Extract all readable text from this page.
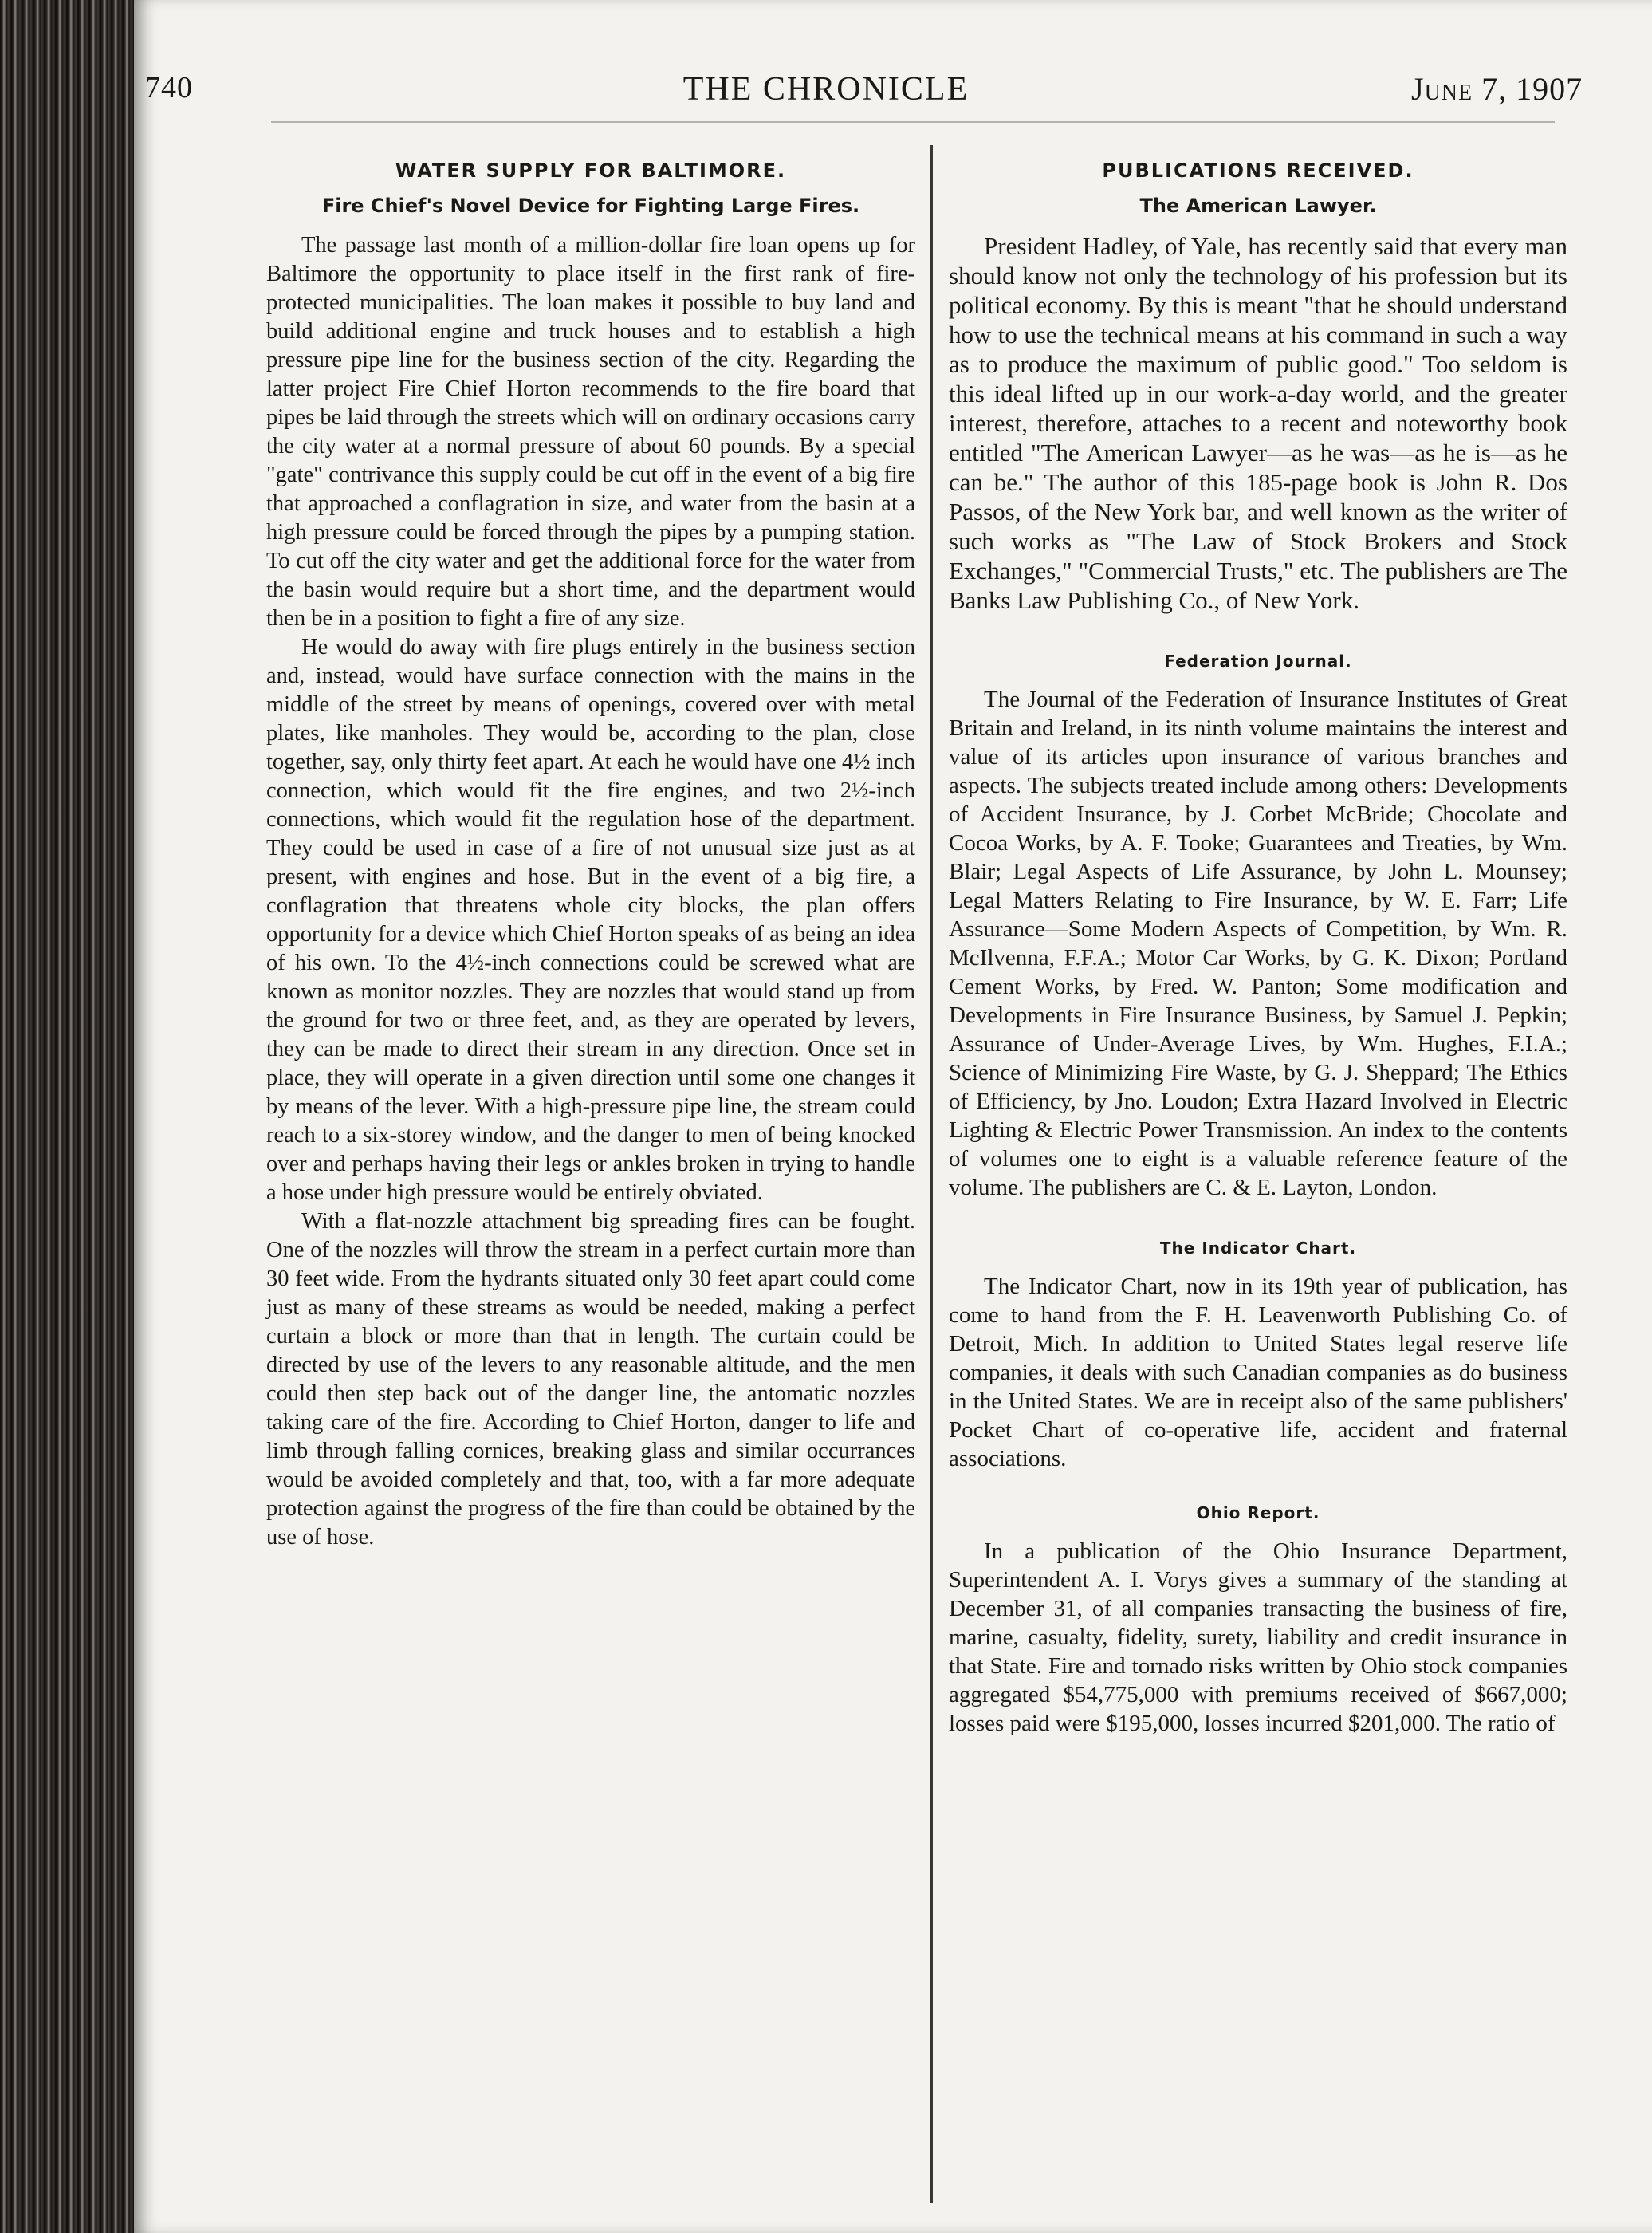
740	THE CHRONICLE	June 7, 1907
WATER SUPPLY FOR BALTIMORE.
Fire Chief's Novel Device for Fighting Large Fires.

The passage last month of a million-dollar fire loan opens up for Baltimore the opportunity to place itself in the first rank of fire-protected municipalities. The loan makes it possible to buy land and build additional engine and truck houses and to establish a high pressure pipe line for the business section of the city. Regarding the latter project Fire Chief Horton recommends to the fire board that pipes be laid through the streets which will on ordinary occasions carry the city water at a normal pressure of about 60 pounds. By a special "gate" contrivance this supply could be cut off in the event of a big fire that approached a conflagration in size, and water from the basin at a high pressure could be forced through the pipes by a pumping station. To cut off the city water and get the additional force for the water from the basin would require but a short time, and the department would then be in a position to fight a fire of any size.

He would do away with fire plugs entirely in the business section and, instead, would have surface connection with the mains in the middle of the street by means of openings, covered over with metal plates, like manholes. They would be, according to the plan, close together, say, only thirty feet apart. At each he would have one 4½ inch connection, which would fit the fire engines, and two 2½-inch connections, which would fit the regulation hose of the department. They could be used in case of a fire of not unusual size just as at present, with engines and hose. But in the event of a big fire, a conflagration that threatens whole city blocks, the plan offers opportunity for a device which Chief Horton speaks of as being an idea of his own. To the 4½-inch connections could be screwed what are known as monitor nozzles. They are nozzles that would stand up from the ground for two or three feet, and, as they are operated by levers, they can be made to direct their stream in any direction. Once set in place, they will operate in a given direction until some one changes it by means of the lever. With a high-pressure pipe line, the stream could reach to a six-storey window, and the danger to men of being knocked over and perhaps having their legs or ankles broken in trying to handle a hose under high pressure would be entirely obviated.

With a flat-nozzle attachment big spreading fires can be fought. One of the nozzles will throw the stream in a perfect curtain more than 30 feet wide. From the hydrants situated only 30 feet apart could come just as many of these streams as would be needed, making a perfect curtain a block or more than that in length. The curtain could be directed by use of the levers to any reasonable altitude, and the men could then step back out of the danger line, the antomatic nozzles taking care of the fire. According to Chief Horton, danger to life and limb through falling cornices, breaking glass and similar occurrances would be avoided completely and that, too, with a far more adequate protection against the progress of the fire than could be obtained by the use of hose.

PUBLICATIONS RECEIVED.
The American Lawyer.

President Hadley, of Yale, has recently said that every man should know not only the technology of his profession but its political economy. By this is meant "that he should understand how to use the technical means at his command in such a way as to produce the maximum of public good." Too seldom is this ideal lifted up in our work-a-day world, and the greater interest, therefore, attaches to a recent and noteworthy book entitled "The American Lawyer—as he was—as he is—as he can be." The author of this 185-page book is John R. Dos Passos, of the New York bar, and well known as the writer of such works as "The Law of Stock Brokers and Stock Exchanges," "Commercial Trusts," etc. The publishers are The Banks Law Publishing Co., of New York.

Federation Journal.

The Journal of the Federation of Insurance Institutes of Great Britain and Ireland, in its ninth volume maintains the interest and value of its articles upon insurance of various branches and aspects. The subjects treated include among others: Developments of Accident Insurance, by J. Corbet McBride; Chocolate and Cocoa Works, by A. F. Tooke; Guarantees and Treaties, by Wm. Blair; Legal Aspects of Life Assurance, by John L. Mounsey; Legal Matters Relating to Fire Insurance, by W. E. Farr; Life Assurance—Some Modern Aspects of Competition, by Wm. R. McIlvenna, F.F.A.; Motor Car Works, by G. K. Dixon; Portland Cement Works, by Fred. W. Panton; Some modification and Developments in Fire Insurance Business, by Samuel J. Pepkin; Assurance of Under-Average Lives, by Wm. Hughes, F.I.A.; Science of Minimizing Fire Waste, by G. J. Sheppard; The Ethics of Efficiency, by Jno. Loudon; Extra Hazard Involved in Electric Lighting & Electric Power Transmission. An index to the contents of volumes one to eight is a valuable reference feature of the volume. The publishers are C. & E. Layton, London.

The Indicator Chart.

The Indicator Chart, now in its 19th year of publication, has come to hand from the F. H. Leavenworth Publishing Co. of Detroit, Mich. In addition to United States legal reserve life companies, it deals with such Canadian companies as do business in the United States. We are in receipt also of the same publishers' Pocket Chart of co-operative life, accident and fraternal associations.

Ohio Report.

In a publication of the Ohio Insurance Department, Superintendent A. I. Vorys gives a summary of the standing at December 31, of all companies transacting the business of fire, marine, casualty, fidelity, surety, liability and credit insurance in that State. Fire and tornado risks written by Ohio stock companies aggregated $54,775,000 with premiums received of $667,000; losses paid were $195,000, losses incurred $201,000. The ratio of
